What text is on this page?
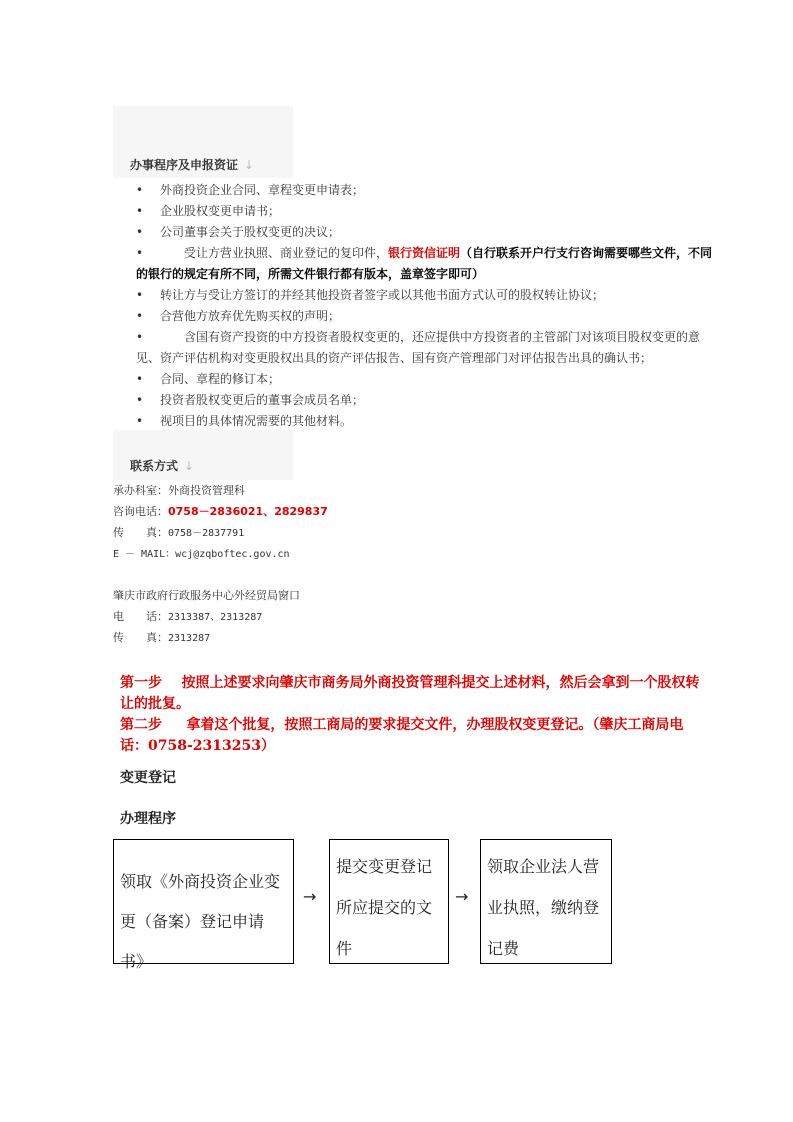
办事程序及申报资证 ↓
• 外商投资企业合同、章程变更申请表；
• 企业股权变更申请书；
• 公司董事会关于股权变更的决议；
•	受让方营业执照、商业登记的复印件，银行资信证明（自行联系开户行支行咨询需要哪些文件，不同的银行的规定有所不同，所需文件银行都有版本，盖章签字即可）
• 转让方与受让方签订的并经其他投资者签字或以其他书面方式认可的股权转让协议；
• 合营他方放弃优先购买权的声明；
•	含国有资产投资的中方投资者股权变更的，还应提供中方投资者的主管部门对该项目股权变更的意见、资产评估机构对变更股权出具的资产评估报告、国有资产管理部门对评估报告出具的确认书；
• 合同、章程的修订本；
• 投资者股权变更后的董事会成员名单；
• 视项目的具体情况需要的其他材料。
联系方式 ↓
承办科室：外商投资管理科
咨询电话：0758－2836021、2829837
传　　真：0758－2837791
E － MAIL：wcj@zqboftec.gov.cn
肇庆市政府行政服务中心外经贸局窗口
电　　话：2313387、2313287
传　　真：2313287
第一步 按照上述要求向肇庆市商务局外商投资管理科提交上述材料，然后会拿到一个股权转让的批复。
第二步 拿着这个批复，按照工商局的要求提交文件，办理股权变更登记。（肇庆工商局电话：0758-2313253）
变更登记
办理程序
领取《外商投资企业变更（备案）登记申请书》
→
提交变更登记所应提交的文件
→
领取企业法人营业执照，缴纳登记费
